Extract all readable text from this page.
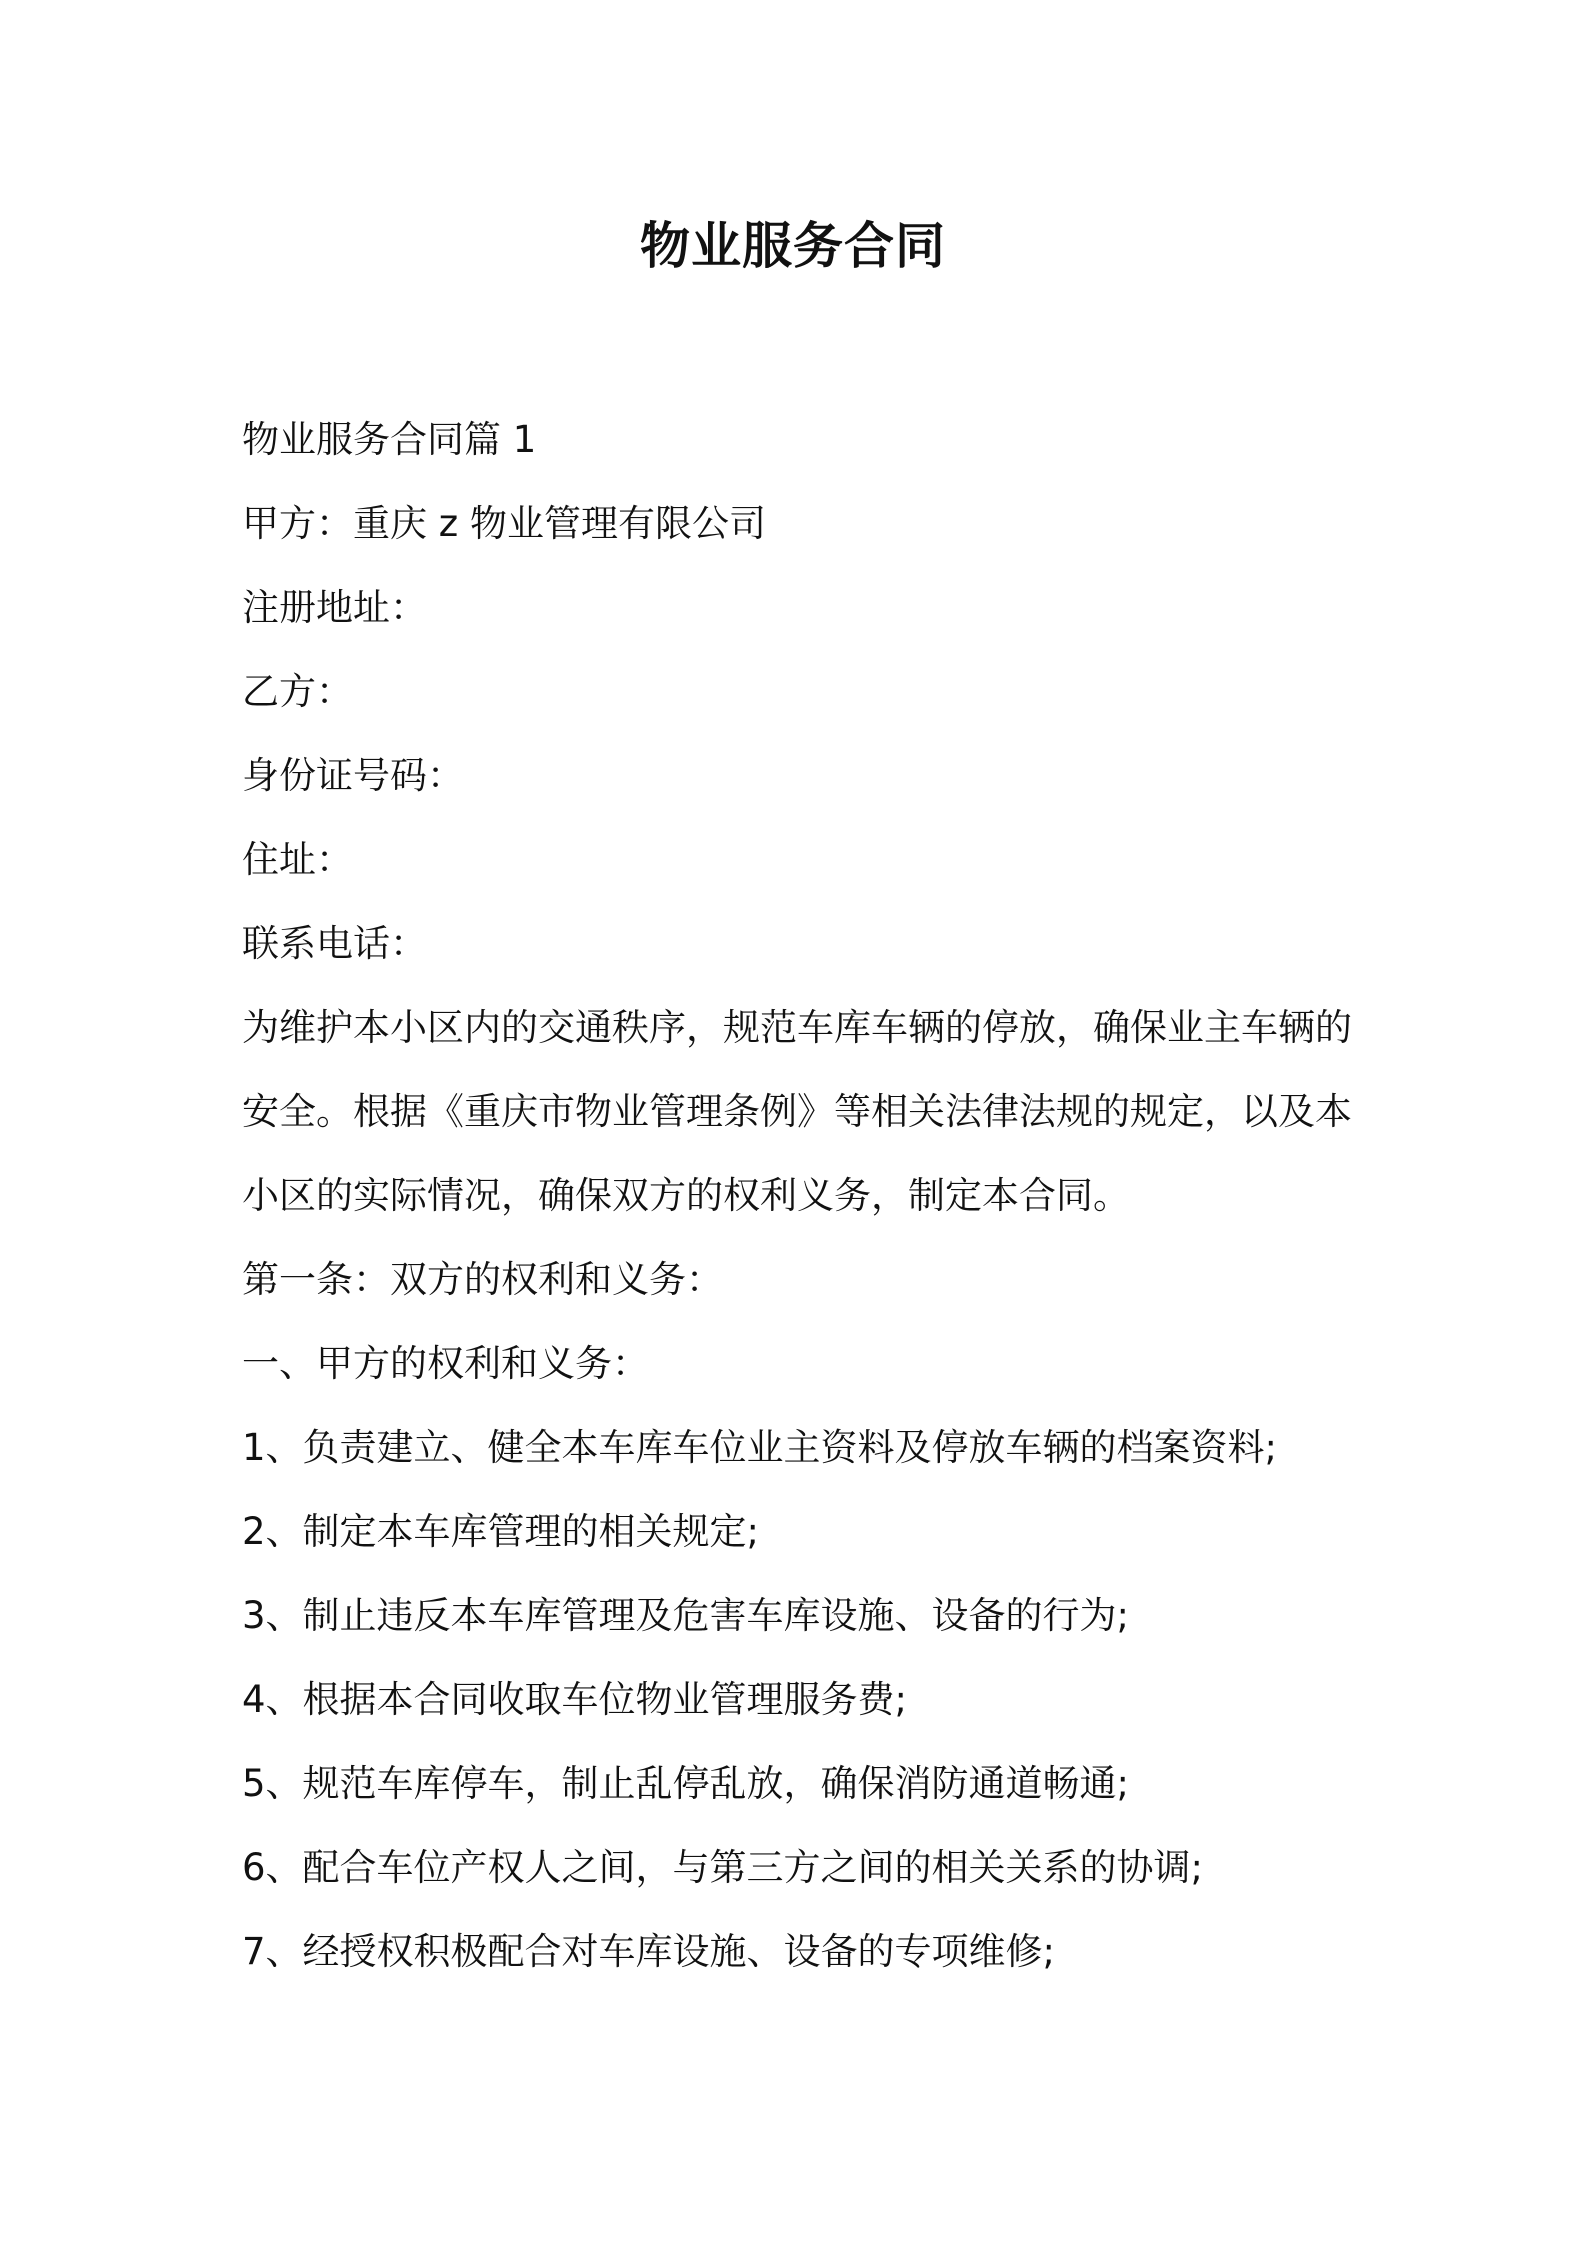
物业服务合同
物业服务合同篇 1
甲方：重庆 z 物业管理有限公司
注册地址：
乙方：
身份证号码：
住址：
联系电话：
为维护本小区内的交通秩序，规范车库车辆的停放，确保业主车辆的
安全。根据《重庆市物业管理条例》等相关法律法规的规定，以及本
小区的实际情况，确保双方的权利义务，制定本合同。
第一条：双方的权利和义务：
一、甲方的权利和义务：
1、负责建立、健全本车库车位业主资料及停放车辆的档案资料;
2、制定本车库管理的相关规定;
3、制止违反本车库管理及危害车库设施、设备的行为;
4、根据本合同收取车位物业管理服务费;
5、规范车库停车，制止乱停乱放，确保消防通道畅通;
6、配合车位产权人之间，与第三方之间的相关关系的协调;
7、经授权积极配合对车库设施、设备的专项维修;
